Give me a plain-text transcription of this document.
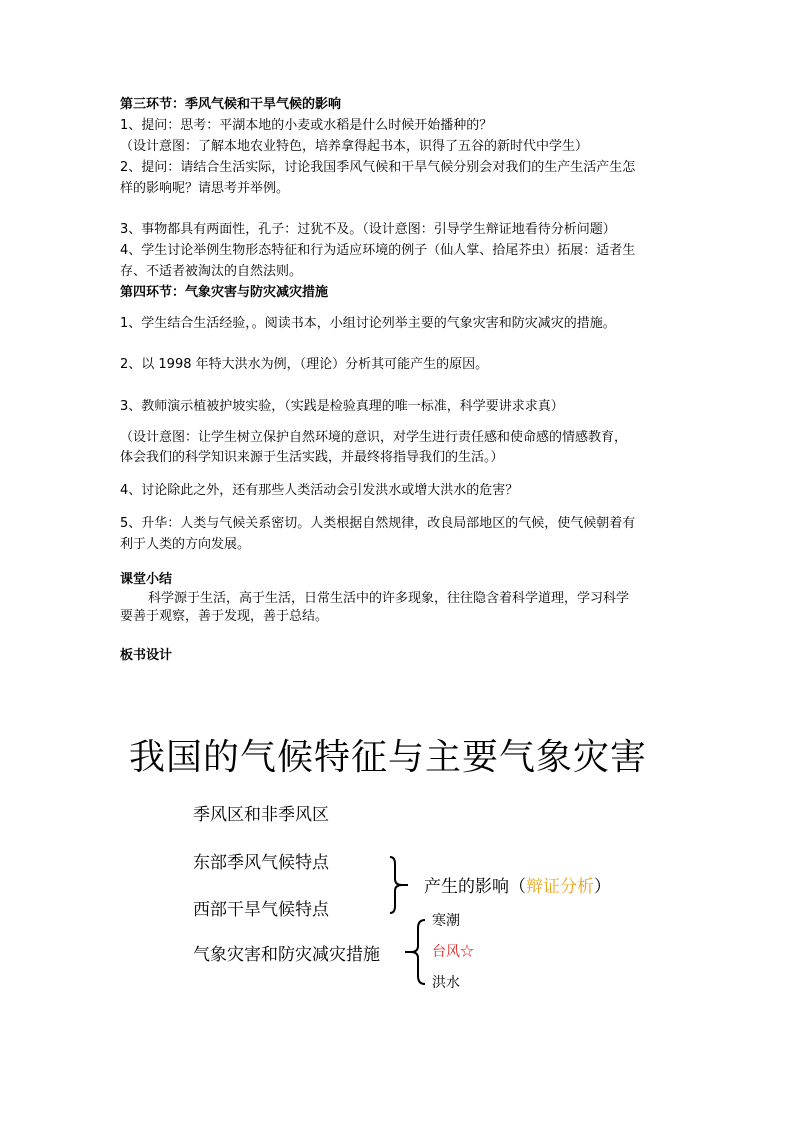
第三环节：季风气候和干旱气候的影响
1、提问：思考：平湖本地的小麦或水稻是什么时候开始播种的？
（设计意图：了解本地农业特色，培养拿得起书本，识得了五谷的新时代中学生）
2、提问：请结合生活实际，讨论我国季风气候和干旱气候分别会对我们的生产生活产生怎
样的影响呢？请思考并举例。
3、事物都具有两面性，孔子：过犹不及。（设计意图：引导学生辩证地看待分析问题）
4、学生讨论举例生物形态特征和行为适应环境的例子（仙人掌、拾尾芥虫）拓展：适者生
存、不适者被淘汰的自然法则。
第四环节：气象灾害与防灾减灾措施
1、学生结合生活经验，。阅读书本，小组讨论列举主要的气象灾害和防灾减灾的措施。
2、以 1998 年特大洪水为例，（理论）分析其可能产生的原因。
3、教师演示植被护坡实验，（实践是检验真理的唯一标准，科学要讲求求真）
（设计意图：让学生树立保护自然环境的意识，对学生进行责任感和使命感的情感教育，
体会我们的科学知识来源于生活实践，并最终将指导我们的生活。）
4、讨论除此之外，还有那些人类活动会引发洪水或增大洪水的危害？
5、升华：人类与气候关系密切。人类根据自然规律，改良局部地区的气候，使气候朝着有
利于人类的方向发展。
课堂小结
科学源于生活，高于生活，日常生活中的许多现象，往往隐含着科学道理，学习科学
要善于观察，善于发现，善于总结。
板书设计
我国的气候特征与主要气象灾害
季风区和非季风区
东部季风气候特点
西部干旱气候特点
产生的影响（辩证分析）
气象灾害和防灾减灾措施
寒潮
台风☆
洪水
